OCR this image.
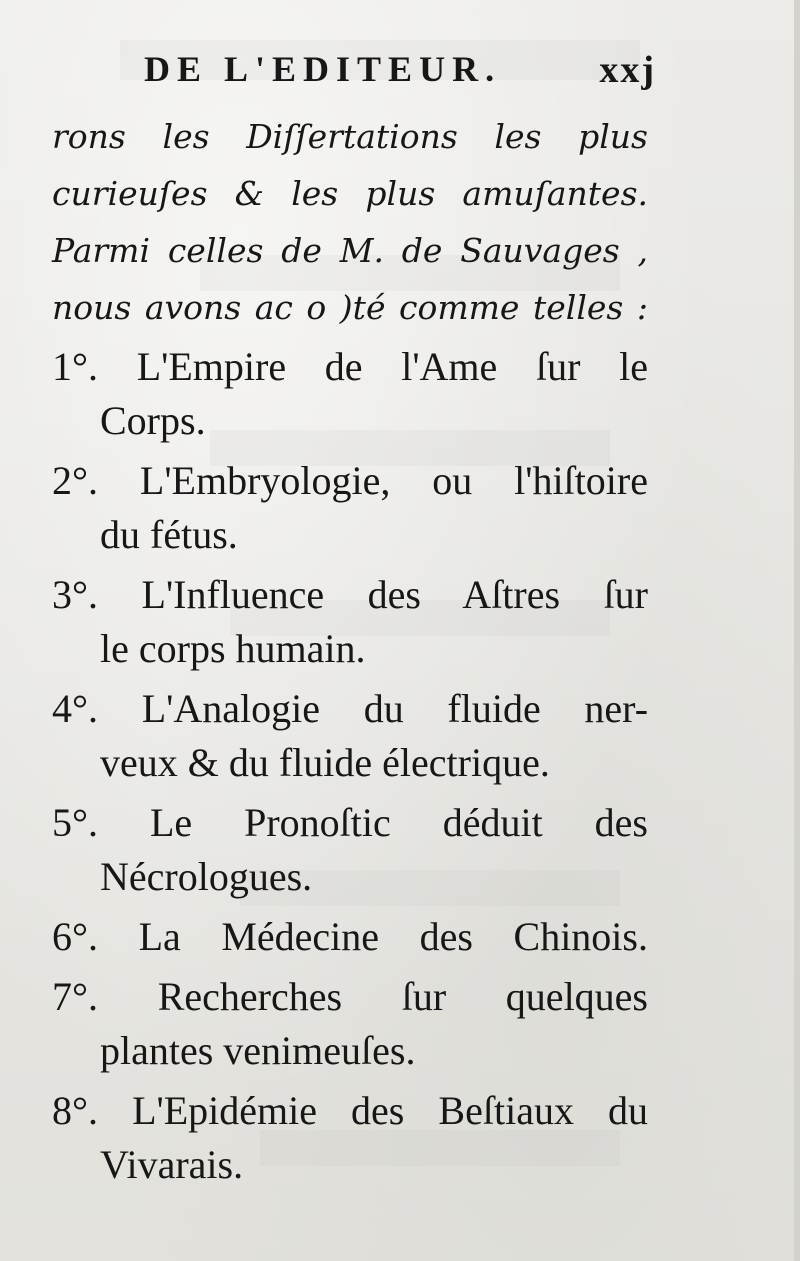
DE L'EDITEUR.	xxj
rons les Diſſertations les plus
curieuſes & les plus amuſantes.
Parmi celles de M. de Sauvages ,
nous avons ac o )té comme telles :
1°. L'Empire de l'Ame ſur le
Corps.
2°. L'Embryologie, ou l'hiſtoire
du fétus.
3°. L'Influence des Aſtres ſur
le corps humain.
4°. L'Analogie du fluide ner-
veux & du fluide électrique.
5°. Le Pronoſtic déduit des
Nécrologues.
6°. La Médecine des Chinois.
7°. Recherches ſur quelques
plantes venimeuſes.
8°. L'Epidémie des Beſtiaux du
Vivarais.
